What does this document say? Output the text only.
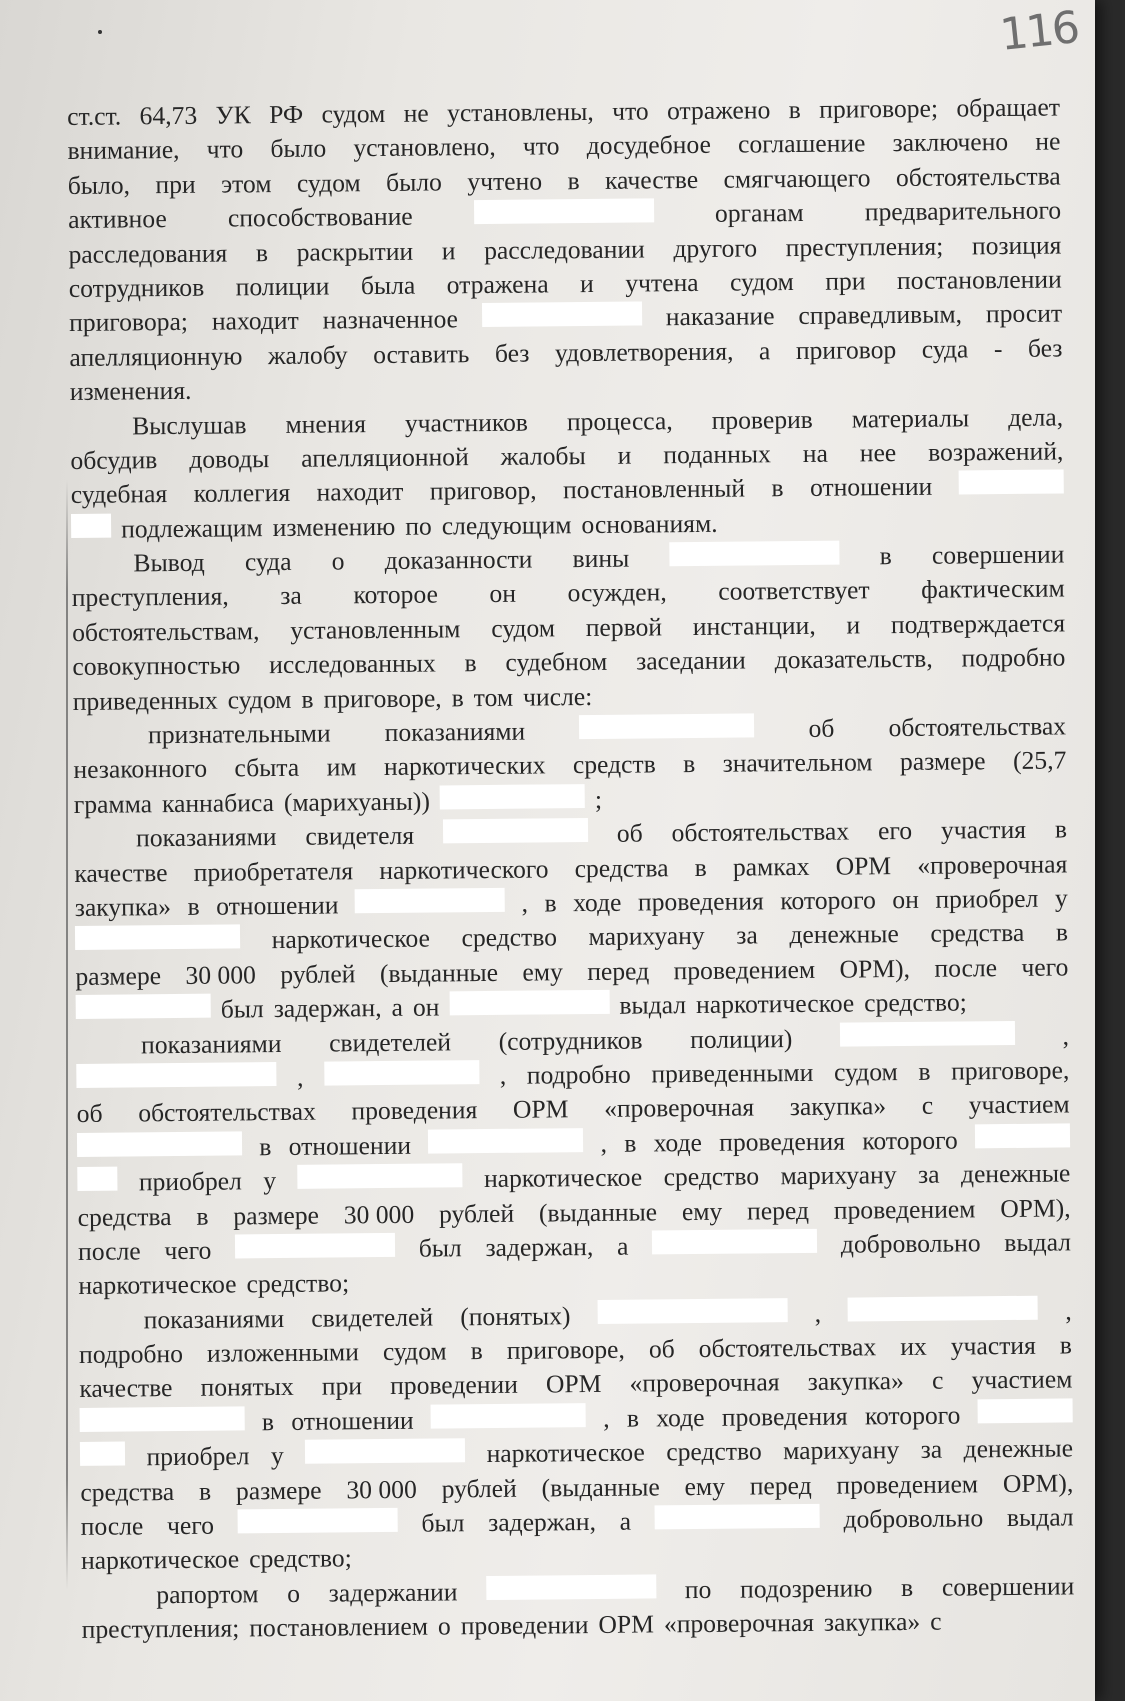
116
ст.ст. 64,73 УК РФ судом не установлены, что отражено в приговоре; обращает
внимание, что было установлено, что досудебное соглашение заключено не
было, при этом судом было учтено в качестве смягчающего обстоятельства
активное способствование	органам предварительного
расследования в раскрытии и расследовании другого преступления; позиция
сотрудников полиции была отражена и учтена судом при постановлении
приговора; находит назначенное	наказание справедливым, просит
апелляционную жалобу оставить без удовлетворения, а приговор суда - без
изменения.
Выслушав мнения участников процесса, проверив материалы дела,
обсудив доводы апелляционной жалобы и поданных на нее возражений,
судебная коллегия находит приговор, постановленный в отношении
подлежащим изменению по следующим основаниям.
Вывод суда о доказанности вины	в совершении
преступления, за которое он осужден, соответствует фактическим
обстоятельствам, установленным судом первой инстанции, и подтверждается
совокупностью исследованных в судебном заседании доказательств, подробно
приведенных судом в приговоре, в том числе:
признательными показаниями	об обстоятельствах
незаконного сбыта им наркотических средств в значительном размере (25,7
грамма каннабиса (марихуаны))	;
показаниями свидетеля	об обстоятельствах его участия в
качестве приобретателя наркотического средства в рамках ОРМ «проверочная
закупка» в отношении	, в ходе проведения которого он приобрел у
наркотическое средство марихуану за денежные средства в
размере 30 000 рублей (выданные ему перед проведением ОРМ), после чего
был задержан, а он	выдал наркотическое средство;
показаниями свидетелей (сотрудников полиции)	,
,	, подробно приведенными судом в приговоре,
об обстоятельствах проведения ОРМ «проверочная закупка» с участием
в отношении	, в ходе проведения которого
приобрел у	наркотическое средство марихуану за денежные
средства в размере 30 000 рублей (выданные ему перед проведением ОРМ),
после чего	был задержан, а	добровольно выдал
наркотическое средство;
показаниями свидетелей (понятых)	,	,
подробно изложенными судом в приговоре, об обстоятельствах их участия в
качестве понятых при проведении ОРМ «проверочная закупка» с участием
в отношении	, в ходе проведения которого
приобрел у	наркотическое средство марихуану за денежные
средства в размере 30 000 рублей (выданные ему перед проведением ОРМ),
после чего	был задержан, а	добровольно выдал
наркотическое средство;
рапортом о задержании	по подозрению в совершении
преступления; постановлением о проведении ОРМ «проверочная закупка» с
